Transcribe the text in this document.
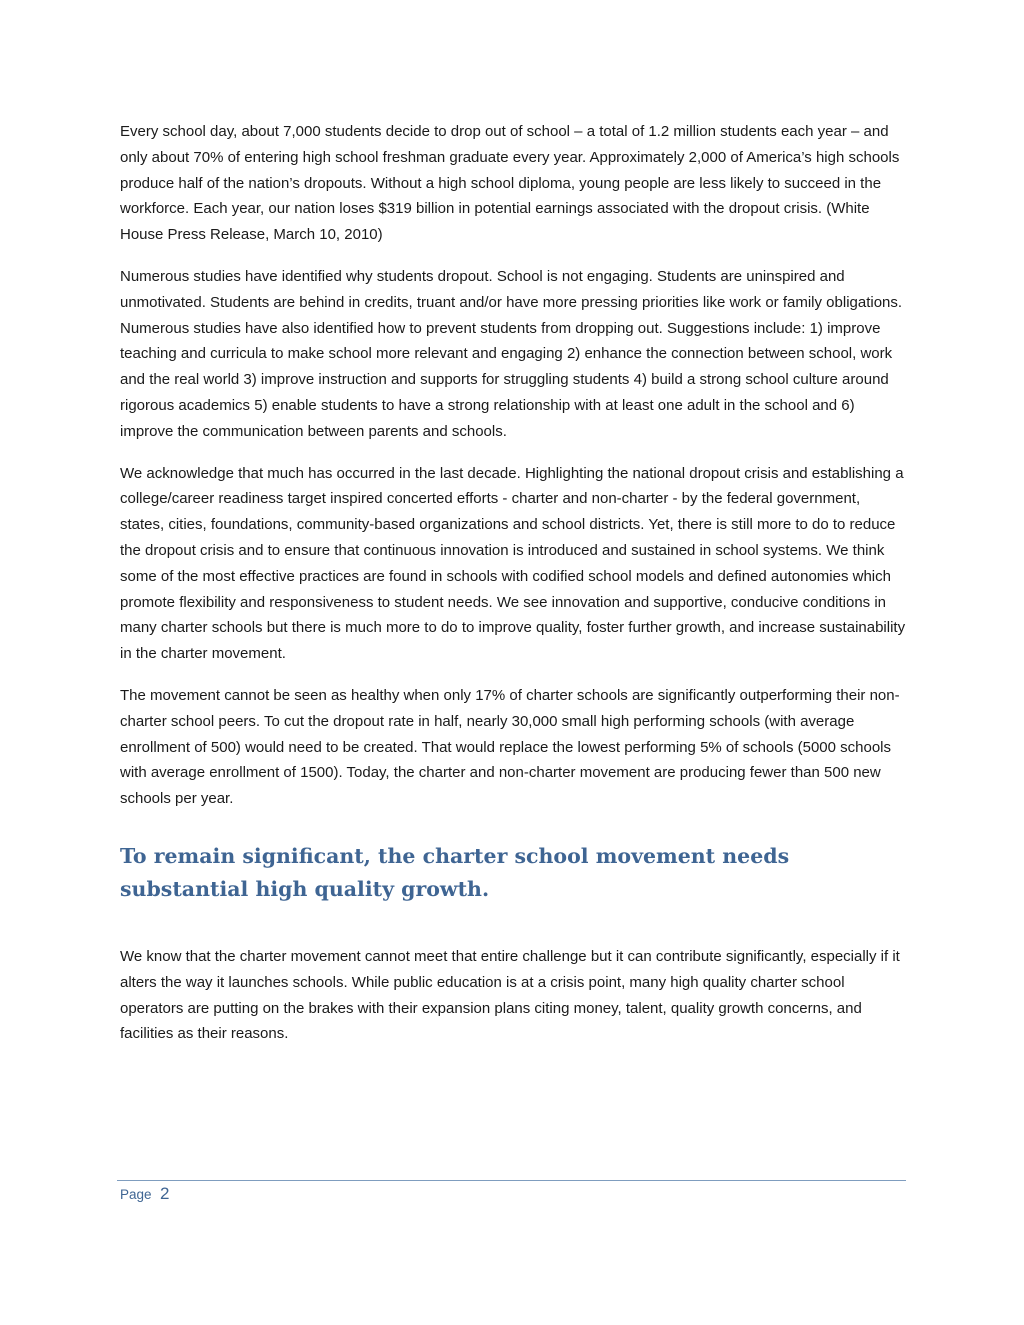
Every school day, about 7,000 students decide to drop out of school – a total of 1.2 million students each year – and only about 70% of entering high school freshman graduate every year. Approximately 2,000 of America’s high schools produce half of the nation’s dropouts. Without a high school diploma, young people are less likely to succeed in the workforce. Each year, our nation loses $319 billion in potential earnings associated with the dropout crisis. (White House Press Release, March 10, 2010)

Numerous studies have identified why students dropout. School is not engaging. Students are uninspired and unmotivated. Students are behind in credits, truant and/or have more pressing priorities like work or family obligations. Numerous studies have also identified how to prevent students from dropping out. Suggestions include: 1) improve teaching and curricula to make school more relevant and engaging 2) enhance the connection between school, work and the real world 3) improve instruction and supports for struggling students 4) build a strong school culture around rigorous academics 5) enable students to have a strong relationship with at least one adult in the school and 6) improve the communication between parents and schools.

We acknowledge that much has occurred in the last decade. Highlighting the national dropout crisis and establishing a college/career readiness target inspired concerted efforts - charter and non-charter - by the federal government, states, cities, foundations, community-based organizations and school districts. Yet, there is still more to do to reduce the dropout crisis and to ensure that continuous innovation is introduced and sustained in school systems. We think some of the most effective practices are found in schools with codified school models and defined autonomies which promote flexibility and responsiveness to student needs. We see innovation and supportive, conducive conditions in many charter schools but there is much more to do to improve quality, foster further growth, and increase sustainability in the charter movement.

The movement cannot be seen as healthy when only 17% of charter schools are significantly outperforming their non-charter school peers. To cut the dropout rate in half, nearly 30,000 small high performing schools (with average enrollment of 500) would need to be created. That would replace the lowest performing 5% of schools (5000 schools with average enrollment of 1500). Today, the charter and non-charter movement are producing fewer than 500 new schools per year.

To remain significant, the charter school movement needs substantial high quality growth.

We know that the charter movement cannot meet that entire challenge but it can contribute significantly, especially if it alters the way it launches schools. While public education is at a crisis point, many high quality charter school operators are putting on the brakes with their expansion plans citing money, talent, quality growth concerns, and facilities as their reasons.

Page 2
